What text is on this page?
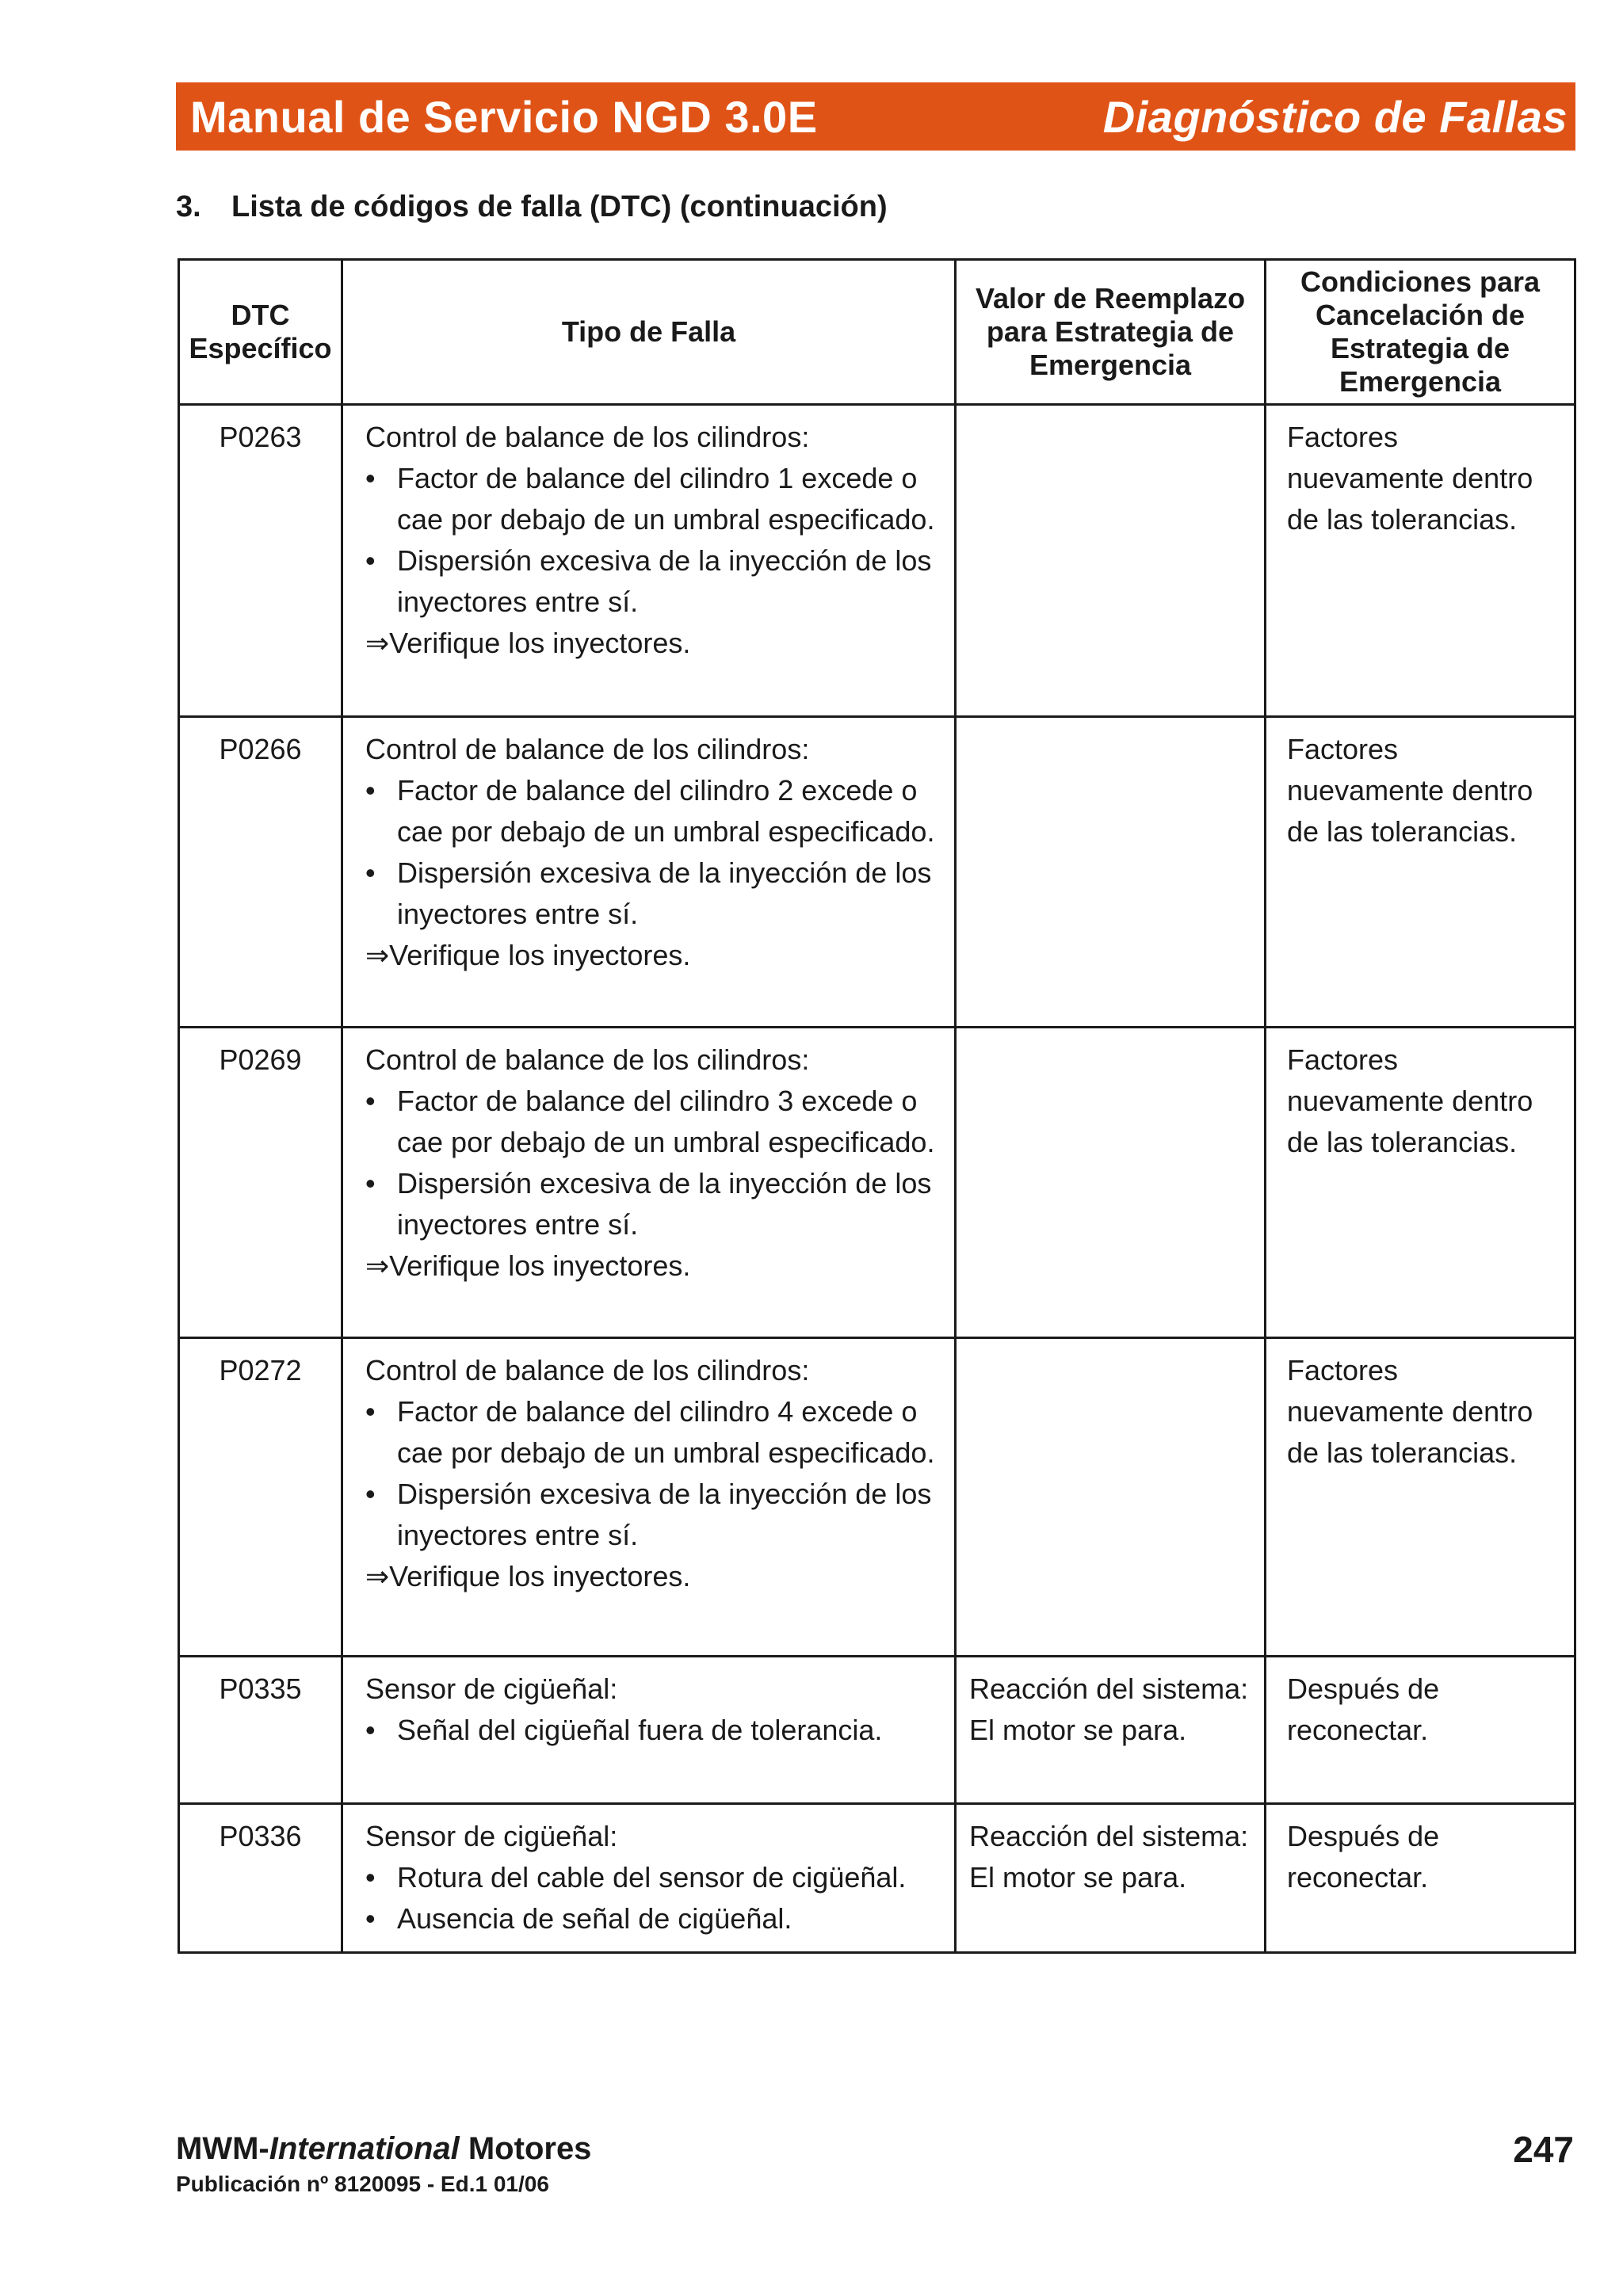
Manual de Servicio NGD 3.0E	Diagnóstico de Fallas
3. Lista de códigos de falla (DTC) (continuación)
DTC Específico	Tipo de Falla	Valor de Reemplazo para Estrategia de Emergencia	Condiciones para Cancelación de Estrategia de Emergencia
P0263	Control de balance de los cilindros:
• Factor de balance del cilindro 1 excede o cae por debajo de un umbral especificado.
• Dispersión excesiva de la inyección de los inyectores entre sí.
⇒Verifique los inyectores.		Factores nuevamente dentro de las tolerancias.
P0266	Control de balance de los cilindros:
• Factor de balance del cilindro 2 excede o cae por debajo de un umbral especificado.
• Dispersión excesiva de la inyección de los inyectores entre sí.
⇒Verifique los inyectores.		Factores nuevamente dentro de las tolerancias.
P0269	Control de balance de los cilindros:
• Factor de balance del cilindro 3 excede o cae por debajo de un umbral especificado.
• Dispersión excesiva de la inyección de los inyectores entre sí.
⇒Verifique los inyectores.		Factores nuevamente dentro de las tolerancias.
P0272	Control de balance de los cilindros:
• Factor de balance del cilindro 4 excede o cae por debajo de un umbral especificado.
• Dispersión excesiva de la inyección de los inyectores entre sí.
⇒Verifique los inyectores.		Factores nuevamente dentro de las tolerancias.
P0335	Sensor de cigüeñal:
• Señal del cigüeñal fuera de tolerancia.	Reacción del sistema: El motor se para.	Después de reconectar.
P0336	Sensor de cigüeñal:
• Rotura del cable del sensor de cigüeñal.
• Ausencia de señal de cigüeñal.	Reacción del sistema: El motor se para.	Después de reconectar.
MWM-International Motores
Publicación nº 8120095 - Ed.1 01/06
247
